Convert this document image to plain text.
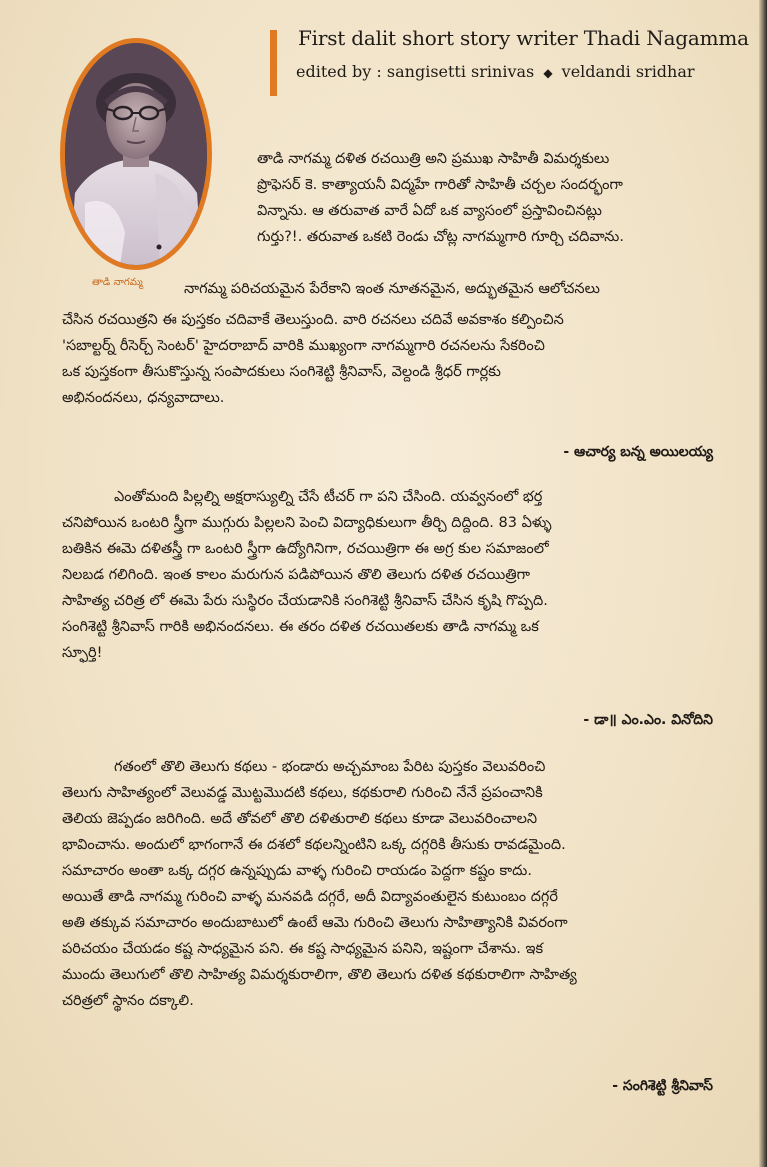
First dalit short story writer Thadi Nagamma
edited by : sangisetti srinivas ◆ veldandi sridhar
తాడి నాగమ్మ
తాడి నాగమ్మ దళిత రచయిత్రి అని ప్రముఖ సాహితీ విమర్శకులు
ప్రొఫెసర్ కె. కాత్యాయనీ విద్మహే గారితో సాహితీ చర్చల సందర్భంగా
విన్నాను. ఆ తరువాత వారే ఏదో ఒక వ్యాసంలో ప్రస్తావించినట్లు
గుర్తు?!. తరువాత ఒకటి రెండు చోట్ల నాగమ్మగారి గూర్చి చదివాను.
నాగమ్మ పరిచయమైన పేరేకాని ఇంత నూతనమైన, అద్భుతమైన ఆలోచనలు
చేసిన రచయిత్రని ఈ పుస్తకం చదివాకే తెలుస్తుంది. వారి రచనలు చదివే అవకాశం కల్పించిన
'సబాల్టర్న్ రీసెర్చ్ సెంటర్' హైదరాబాద్ వారికి ముఖ్యంగా నాగమ్మగారి రచనలను సేకరించి
ఒక పుస్తకంగా తీసుకొస్తున్న సంపాదకులు సంగిశెట్టి శ్రీనివాస్, వెల్దండి శ్రీధర్ గార్లకు
అభినందనలు, ధన్యవాదాలు.
- ఆచార్య బన్న అయిలయ్య
ఎంతోమంది పిల్లల్ని అక్షరాస్యుల్ని చేసే టీచర్ గా పని చేసింది. యవ్వనంలో భర్త
చనిపోయిన ఒంటరి స్త్రీగా ముగ్గురు పిల్లలని పెంచి విద్యాధికులుగా తీర్చి దిద్దింది. 83 ఏళ్ళు
బతికిన ఈమె దళితస్త్రీ గా ఒంటరి స్త్రీగా ఉద్యోగినిగా, రచయిత్రిగా ఈ అగ్ర కుల సమాజంలో
నిలబడ గలిగింది. ఇంత కాలం మరుగున పడిపోయిన తొలి తెలుగు దళిత రచయిత్రిగా
సాహిత్య చరిత్ర లో ఈమె పేరు సుస్థిరం చేయడానికి సంగిశెట్టి శ్రీనివాస్ చేసిన కృషి గొప్పది.
సంగిశెట్టి శ్రీనివాస్ గారికి అభినందనలు. ఈ తరం దళిత రచయితలకు తాడి నాగమ్మ ఒక
స్ఫూర్తి!
- డా॥ ఎం.ఎం. వినోదిని
గతంలో తొలి తెలుగు కథలు - భండారు అచ్చమాంబ పేరిట పుస్తకం వెలువరించి
తెలుగు సాహిత్యంలో వెలువడ్డ మొట్టమొదటి కథలు, కథకురాలి గురించి నేనే ప్రపంచానికి
తెలియ జెప్పడం జరిగింది. అదే తోవలో తొలి దళితురాలి కథలు కూడా వెలువరించాలని
భావించాను. అందులో భాగంగానే ఈ దశలో కథలన్నింటిని ఒక్క దగ్గరికి తీసుకు రావడమైంది.
సమాచారం అంతా ఒక్క దగ్గర ఉన్నప్పుడు వాళ్ళ గురించి రాయడం పెద్దగా కష్టం కాదు.
అయితే తాడి నాగమ్మ గురించి వాళ్ళ మనవడి దగ్గరే, అదీ విద్యావంతులైన కుటుంబం దగ్గరే
అతి తక్కువ సమాచారం అందుబాటులో ఉంటే ఆమె గురించి తెలుగు సాహిత్యానికి వివరంగా
పరిచయం చేయడం కష్ట సాధ్యమైన పని. ఈ కష్ట సాధ్యమైన పనిని, ఇష్టంగా చేశాను. ఇక
ముందు తెలుగులో తొలి సాహిత్య విమర్శకురాలిగా, తొలి తెలుగు దళిత కథకురాలిగా సాహిత్య
చరిత్రలో స్థానం దక్కాలి.
- సంగిశెట్టి శ్రీనివాస్
